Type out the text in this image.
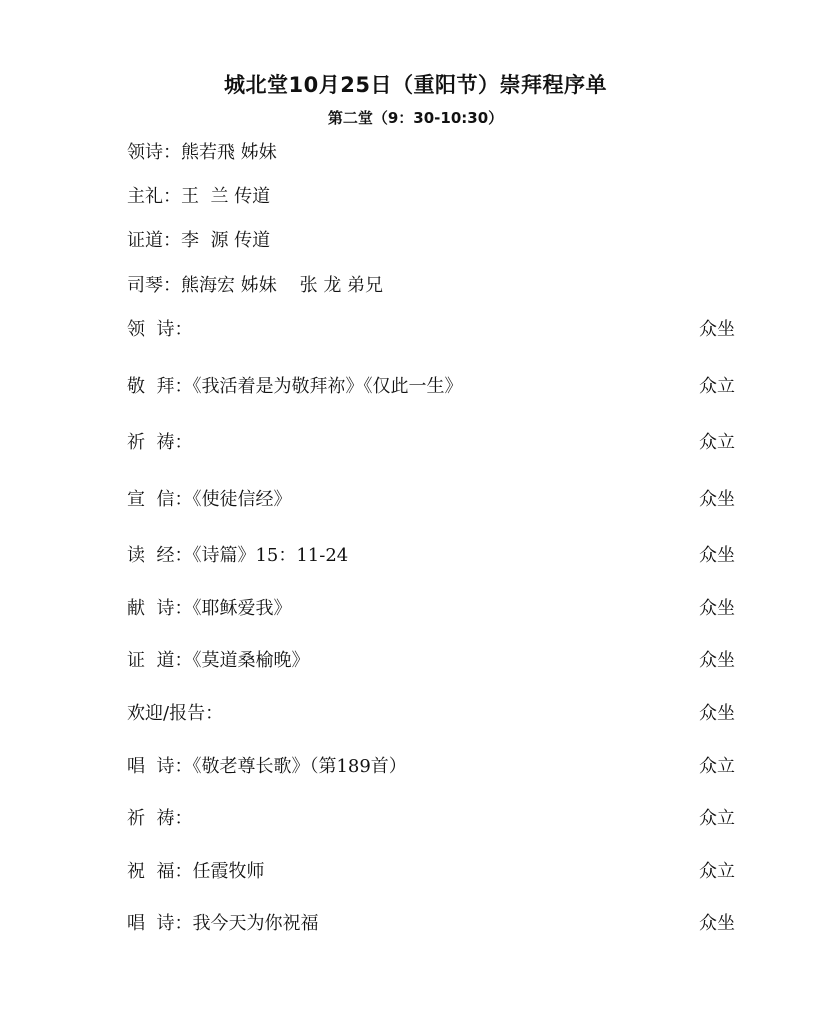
城北堂10月25日（重阳节）崇拜程序单
第二堂（9：30-10:30）
领诗：熊若飛 姊妹
主礼：王  兰 传道
证道：李  源 传道
司琴：熊海宏 姊妹    张 龙 弟兄
领  诗：	众坐
敬  拜：《我活着是为敬拜祢》《仅此一生》	众立
祈  祷：	众立
宣  信：《使徒信经》	众坐
读  经：《诗篇》15：11-24	众坐
献  诗：《耶稣爱我》	众坐
证  道：《莫道桑榆晚》	众坐
欢迎/报告：	众坐
唱  诗：《敬老尊长歌》（第189首）	众立
祈  祷：	众立
祝  福：任霞牧师	众立
唱  诗：我今天为你祝福	众坐
